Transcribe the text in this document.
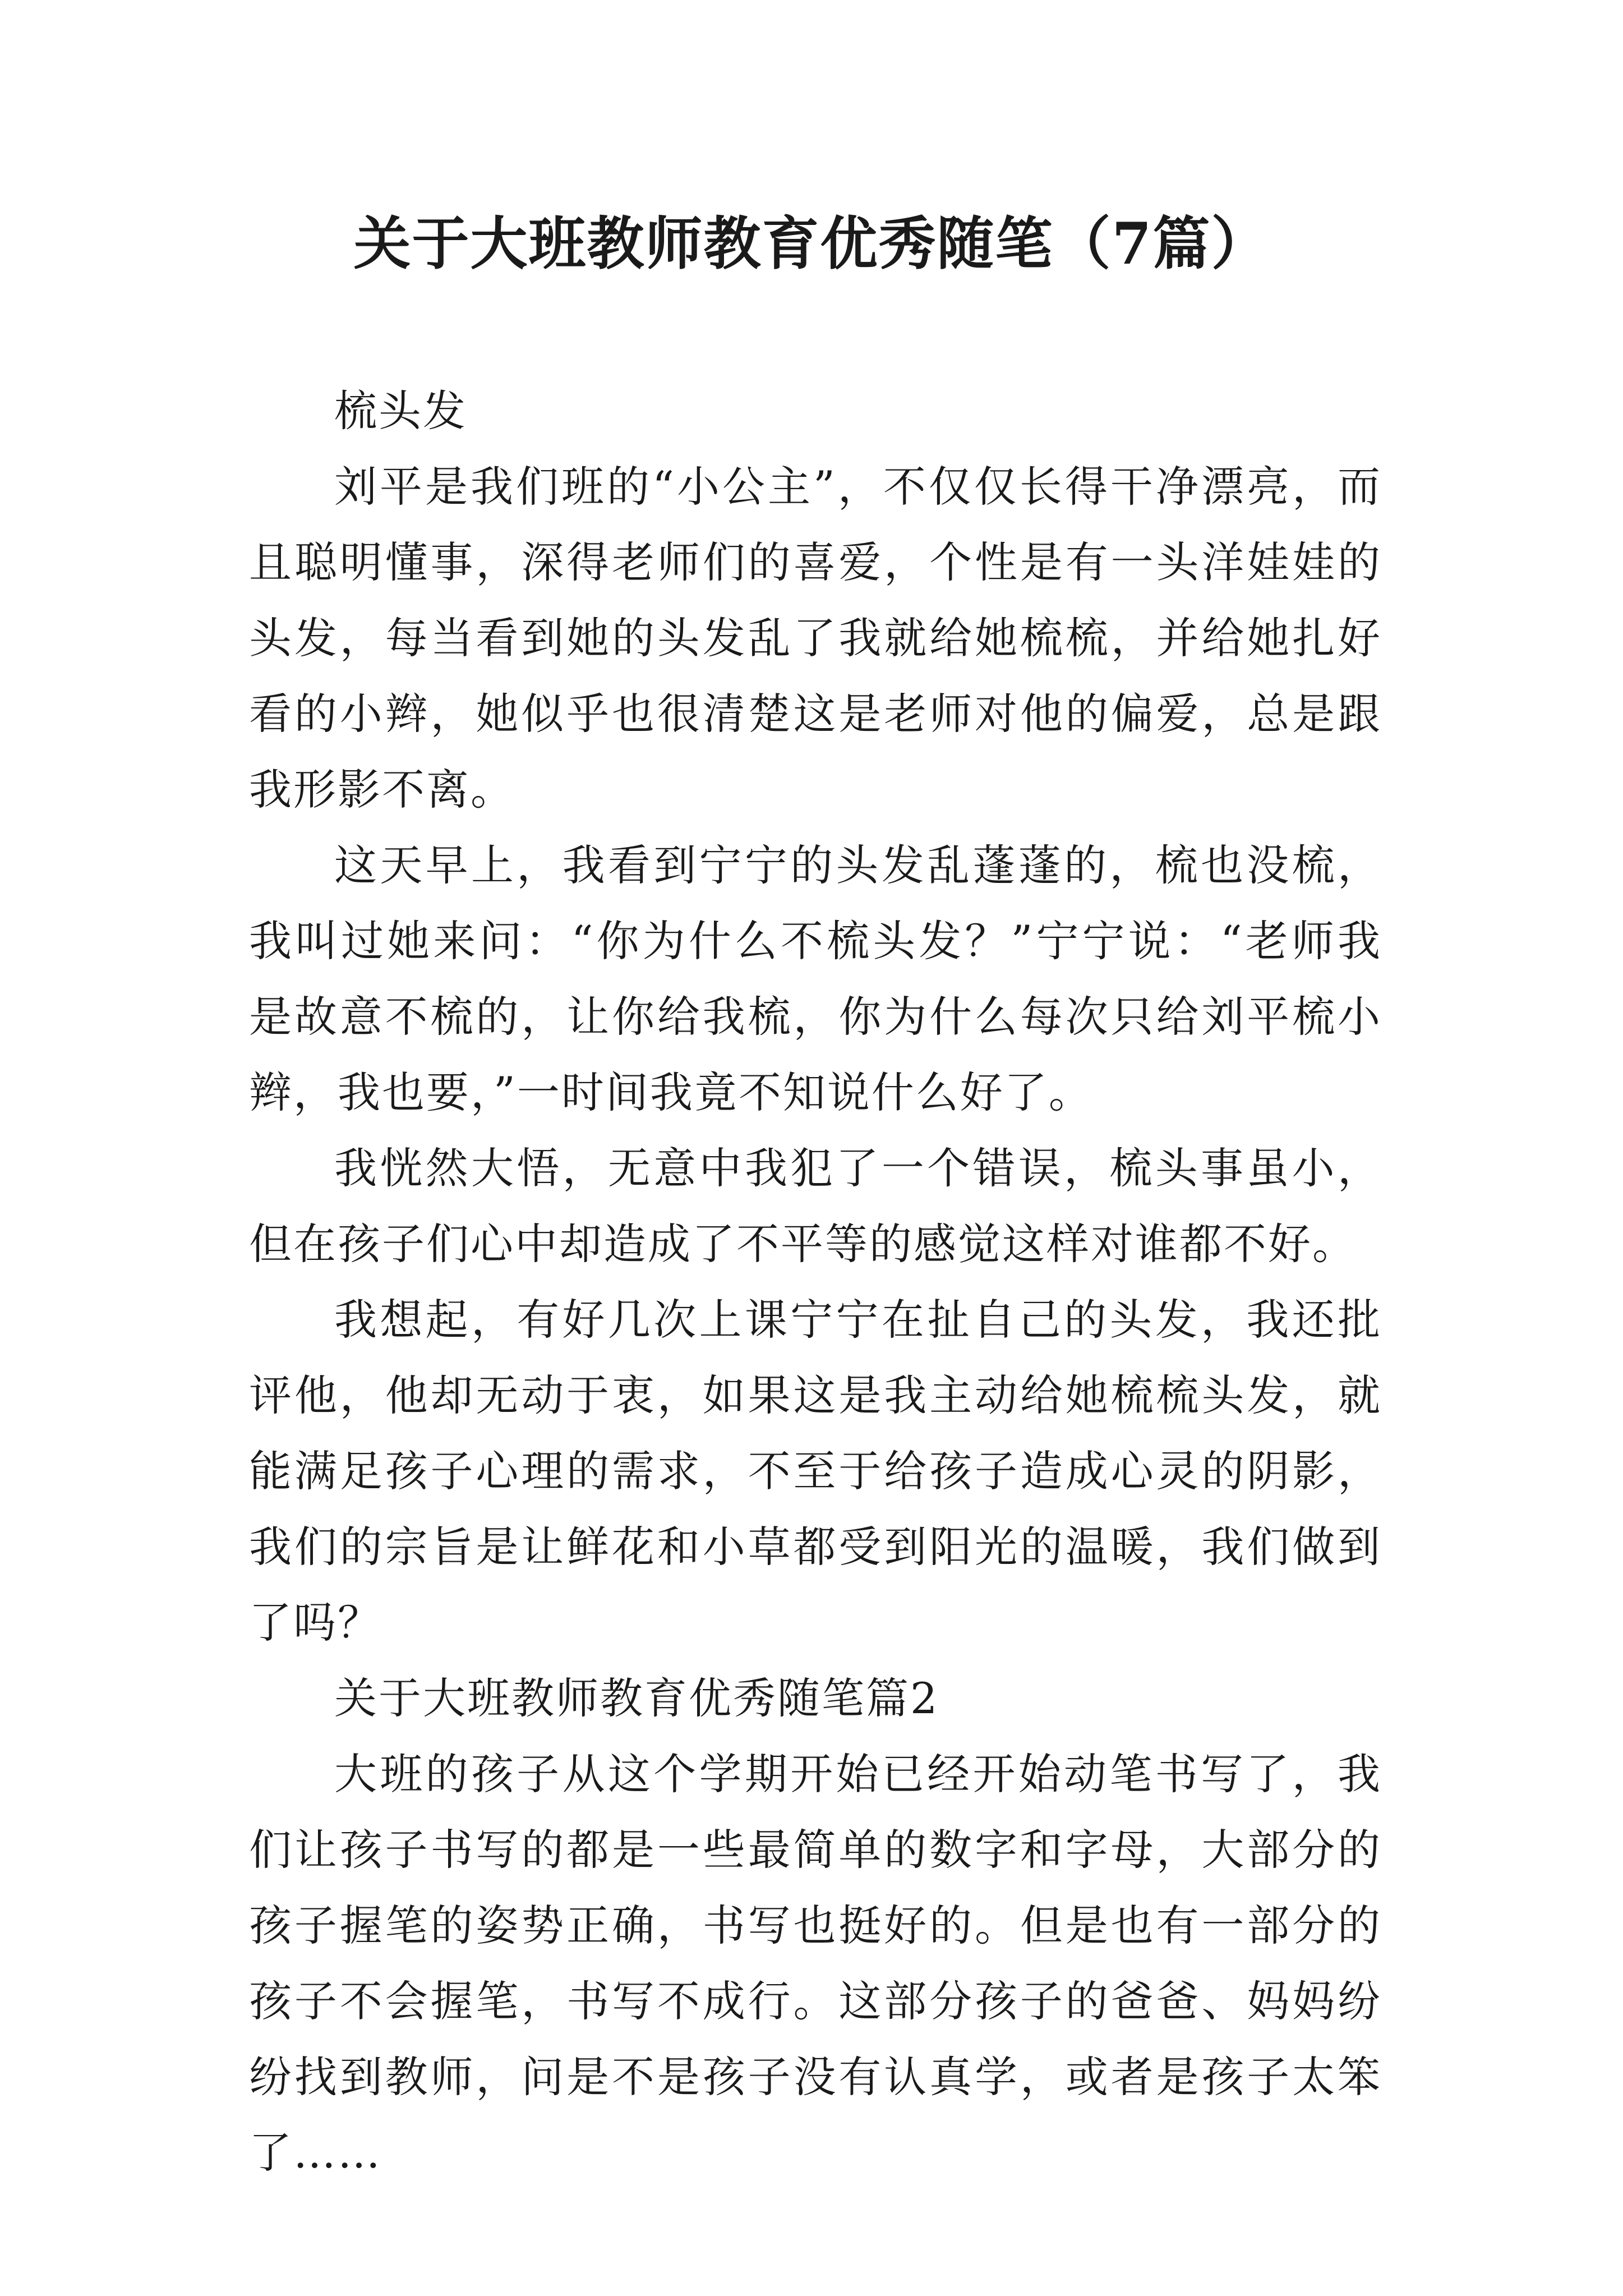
关于大班教师教育优秀随笔（7篇）

梳头发

刘平是我们班的“小公主”，不仅仅长得干净漂亮，而且聪明懂事，深得老师们的喜爱，个性是有一头洋娃娃的头发，每当看到她的头发乱了我就给她梳梳，并给她扎好看的小辫，她似乎也很清楚这是老师对他的偏爱，总是跟我形影不离。

这天早上，我看到宁宁的头发乱蓬蓬的，梳也没梳，我叫过她来问：“你为什么不梳头发？”宁宁说：“老师我是故意不梳的，让你给我梳，你为什么每次只给刘平梳小辫，我也要，”一时间我竟不知说什么好了。

我恍然大悟，无意中我犯了一个错误，梳头事虽小，但在孩子们心中却造成了不平等的感觉这样对谁都不好。

我想起，有好几次上课宁宁在扯自己的头发，我还批评他，他却无动于衷，如果这是我主动给她梳梳头发，就能满足孩子心理的需求，不至于给孩子造成心灵的阴影，我们的宗旨是让鲜花和小草都受到阳光的温暖，我们做到了吗？

关于大班教师教育优秀随笔篇2

大班的孩子从这个学期开始已经开始动笔书写了，我们让孩子书写的都是一些最简单的数字和字母，大部分的孩子握笔的姿势正确，书写也挺好的。但是也有一部分的孩子不会握笔，书写不成行。这部分孩子的爸爸、妈妈纷纷找到教师，问是不是孩子没有认真学，或者是孩子太笨了……
